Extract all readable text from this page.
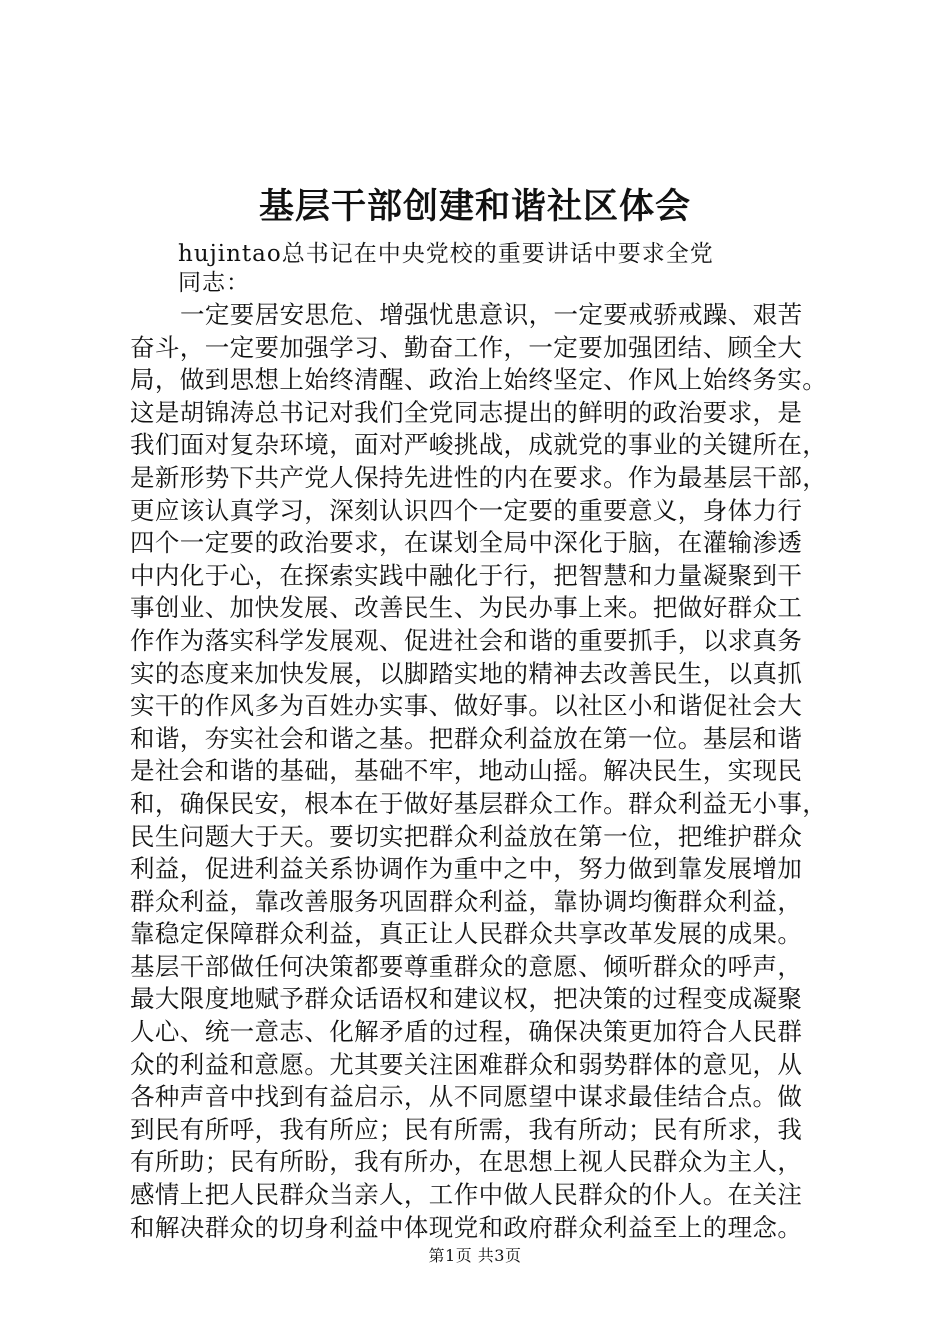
基层干部创建和谐社区体会
hujintao总书记在中央党校的重要讲话中要求全党
同志：
一定要居安思危、增强忧患意识，一定要戒骄戒躁、艰苦
奋斗，一定要加强学习、勤奋工作，一定要加强团结、顾全大
局，做到思想上始终清醒、政治上始终坚定、作风上始终务实。
这是胡锦涛总书记对我们全党同志提出的鲜明的政治要求，是
我们面对复杂环境，面对严峻挑战，成就党的事业的关键所在，
是新形势下共产党人保持先进性的内在要求。作为最基层干部，
更应该认真学习，深刻认识四个一定要的重要意义，身体力行
四个一定要的政治要求，在谋划全局中深化于脑，在灌输渗透
中内化于心，在探索实践中融化于行，把智慧和力量凝聚到干
事创业、加快发展、改善民生、为民办事上来。把做好群众工
作作为落实科学发展观、促进社会和谐的重要抓手，以求真务
实的态度来加快发展，以脚踏实地的精神去改善民生，以真抓
实干的作风多为百姓办实事、做好事。以社区小和谐促社会大
和谐，夯实社会和谐之基。把群众利益放在第一位。基层和谐
是社会和谐的基础，基础不牢，地动山摇。解决民生，实现民
和，确保民安，根本在于做好基层群众工作。群众利益无小事，
民生问题大于天。要切实把群众利益放在第一位，把维护群众
利益，促进利益关系协调作为重中之中，努力做到靠发展增加
群众利益，靠改善服务巩固群众利益，靠协调均衡群众利益，
靠稳定保障群众利益，真正让人民群众共享改革发展的成果。
基层干部做任何决策都要尊重群众的意愿、倾听群众的呼声，
最大限度地赋予群众话语权和建议权，把决策的过程变成凝聚
人心、统一意志、化解矛盾的过程，确保决策更加符合人民群
众的利益和意愿。尤其要关注困难群众和弱势群体的意见，从
各种声音中找到有益启示，从不同愿望中谋求最佳结合点。做
到民有所呼，我有所应；民有所需，我有所动；民有所求，我
有所助；民有所盼，我有所办，在思想上视人民群众为主人，
感情上把人民群众当亲人，工作中做人民群众的仆人。在关注
和解决群众的切身利益中体现党和政府群众利益至上的理念。
第1页 共3页
